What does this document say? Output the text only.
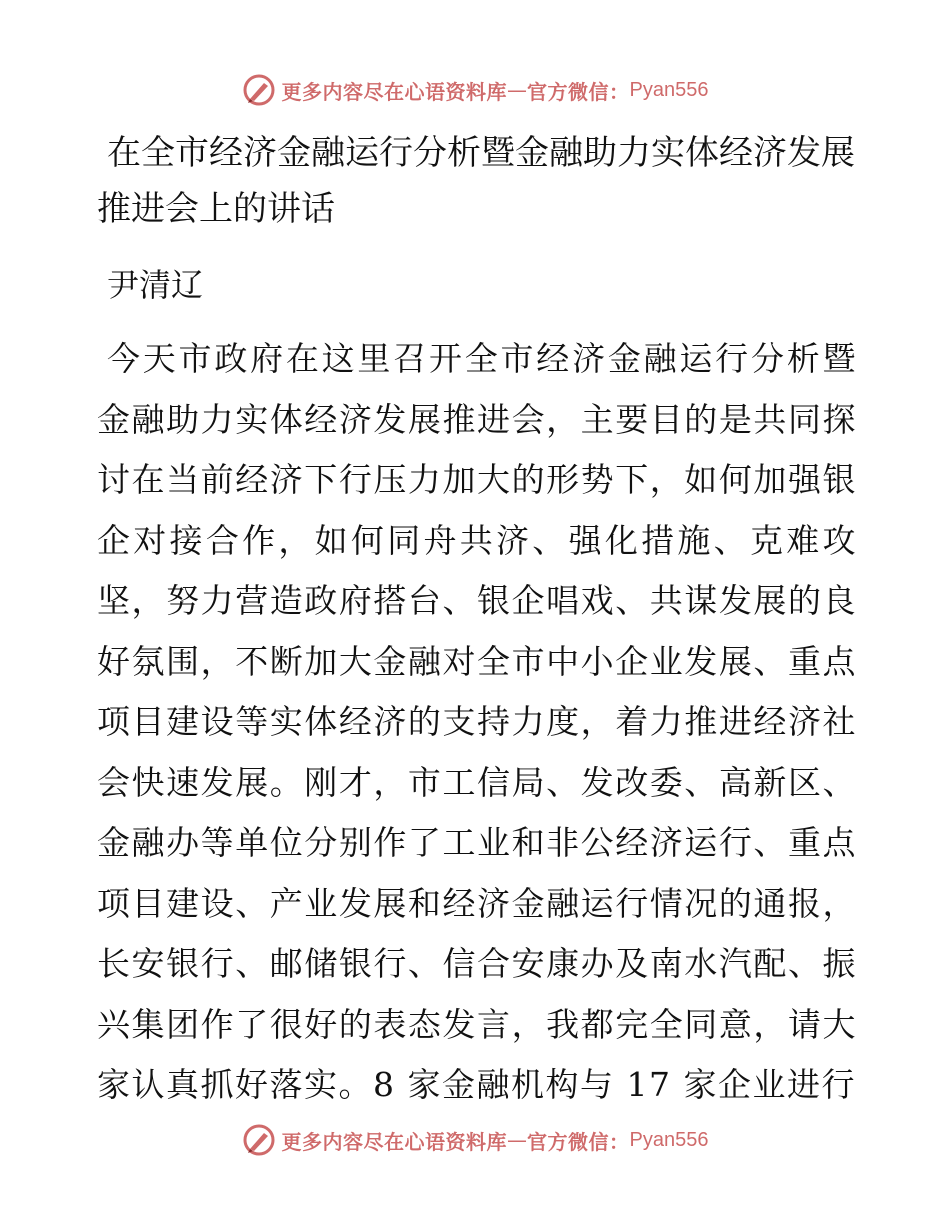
更多内容尽在心语资料库 — 官方微信： Pyan556

在全市经济金融运行分析暨金融助力实体经济发展推进会上的讲话

尹清辽

今天市政府在这里召开全市经济金融运行分析暨金融助力实体经济发展推进会，主要目的是共同探讨在当前经济下行压力加大的形势下，如何加强银企对接合作，如何同舟共济、强化措施、克难攻坚，努力营造政府搭台、银企唱戏、共谋发展的良好氛围，不断加大金融对全市中小企业发展、重点项目建设等实体经济的支持力度，着力推进经济社会快速发展。刚才，市工信局、发改委、高新区、金融办等单位分别作了工业和非公经济运行、重点项目建设、产业发展和经济金融运行情况的通报，长安银行、邮储银行、信合安康办及南水汽配、振兴集团作了很好的表态发言，我都完全同意，请大家认真抓好落实。8 家金融机构与 17 家企业进行

更多内容尽在心语资料库 — 官方微信： Pyan556
